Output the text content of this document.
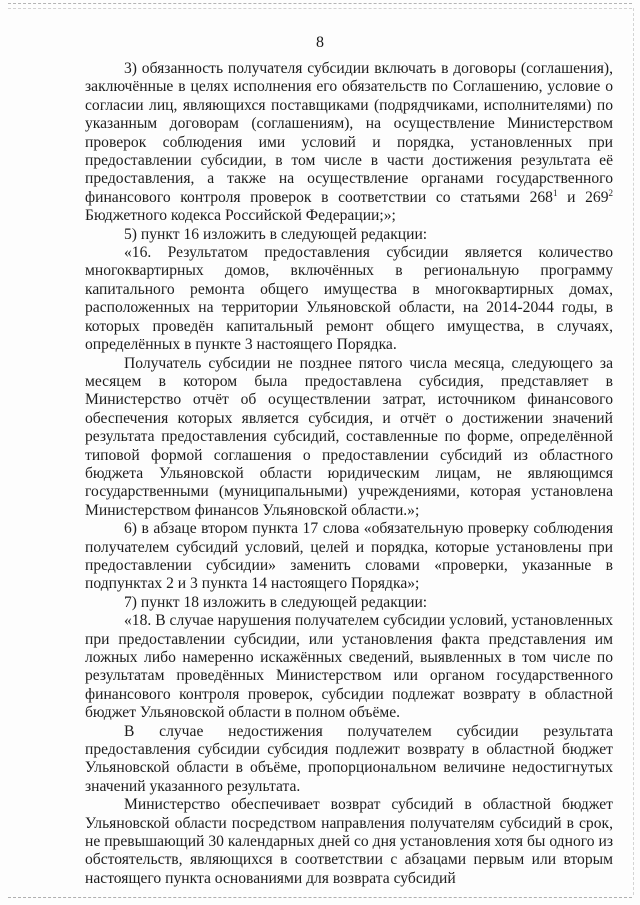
8

3) обязанность получателя субсидии включать в договоры (соглашения), заключённые в целях исполнения его обязательств по Соглашению, условие о согласии лиц, являющихся поставщиками (подрядчиками, исполнителями) по указанным договорам (соглашениям), на осуществление Министерством проверок соблюдения ими условий и порядка, установленных при предоставлении субсидии, в том числе в части достижения результата её предоставления, а также на осуществление органами государственного финансового контроля проверок в соответствии со статьями $268^1$ и $269^2$ Бюджетного кодекса Российской Федерации;»;

5) пункт 16 изложить в следующей редакции:

«16. Результатом предоставления субсидии является количество многоквартирных домов, включённых в региональную программу капитального ремонта общего имущества в многоквартирных домах, расположенных на территории Ульяновской области, на 2014-2044 годы, в которых проведён капитальный ремонт общего имущества, в случаях, определённых в пункте 3 настоящего Порядка.

Получатель субсидии не позднее пятого числа месяца, следующего за месяцем в котором была предоставлена субсидия, представляет в Министерство отчёт об осуществлении затрат, источником финансового обеспечения которых является субсидия, и отчёт о достижении значений результата предоставления субсидий, составленные по форме, определённой типовой формой соглашения о предоставлении субсидий из областного бюджета Ульяновской области юридическим лицам, не являющимся государственными (муниципальными) учреждениями, которая установлена Министерством финансов Ульяновской области.»;

6) в абзаце втором пункта 17 слова «обязательную проверку соблюдения получателем субсидий условий, целей и порядка, которые установлены при предоставлении субсидии» заменить словами «проверки, указанные в подпунктах 2 и 3 пункта 14 настоящего Порядка»;

7) пункт 18 изложить в следующей редакции:

«18. В случае нарушения получателем субсидии условий, установленных при предоставлении субсидии, или установления факта представления им ложных либо намеренно искажённых сведений, выявленных в том числе по результатам проведённых Министерством или органом государственного финансового контроля проверок, субсидии подлежат возврату в областной бюджет Ульяновской области в полном объёме.

В случае недостижения получателем субсидии результата предоставления субсидии субсидия подлежит возврату в областной бюджет Ульяновской области в объёме, пропорциональном величине недостигнутых значений указанного результата.

Министерство обеспечивает возврат субсидий в областной бюджет Ульяновской области посредством направления получателям субсидий в срок, не превышающий 30 календарных дней со дня установления хотя бы одного из обстоятельств, являющихся в соответствии с абзацами первым или вторым настоящего пункта основаниями для возврата субсидий
